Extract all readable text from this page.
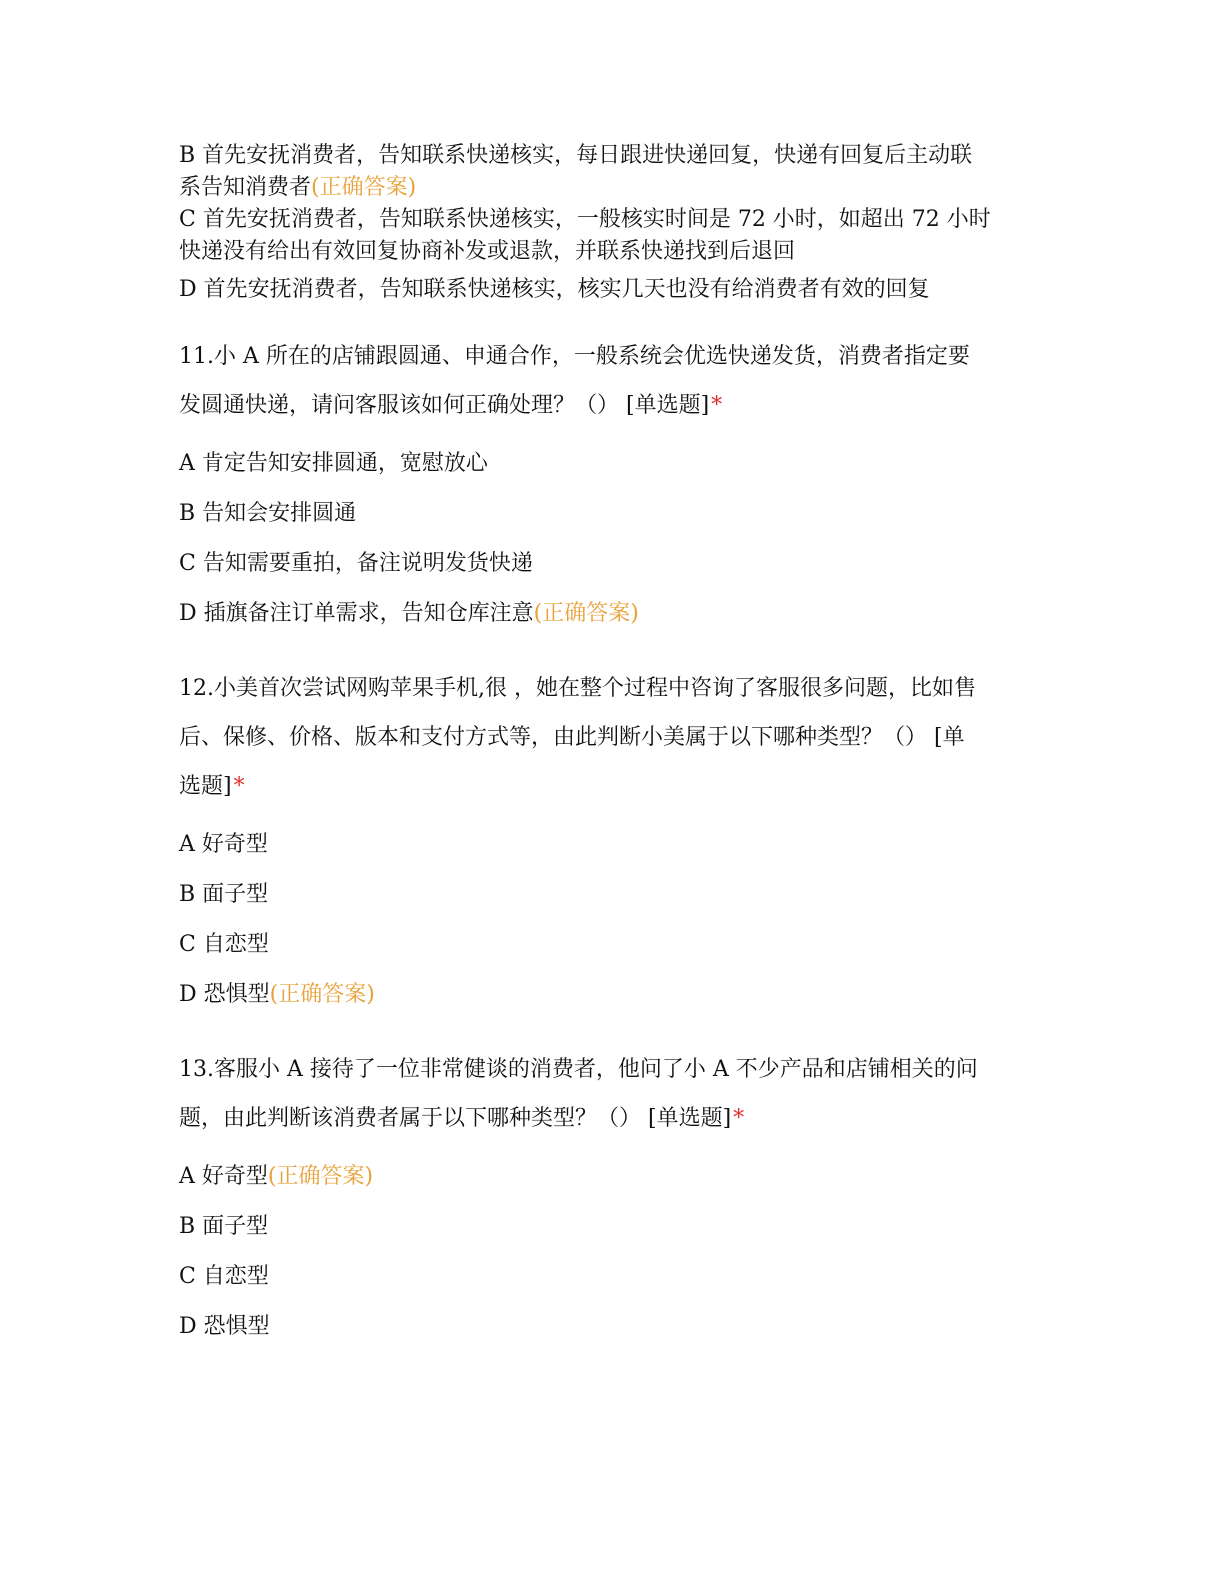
B 首先安抚消费者，告知联系快递核实，每日跟进快递回复，快递有回复后主动联
系告知消费者(正确答案)
C 首先安抚消费者，告知联系快递核实，一般核实时间是 72 小时，如超出 72 小时
快递没有给出有效回复协商补发或退款，并联系快递找到后退回
D 首先安抚消费者，告知联系快递核实，核实几天也没有给消费者有效的回复
11.小 A 所在的店铺跟圆通、申通合作，一般系统会优选快递发货，消费者指定要
发圆通快递，请问客服该如何正确处理？（） [单选题]*
A 肯定告知安排圆通，宽慰放心
B 告知会安排圆通
C 告知需要重拍，备注说明发货快递
D 插旗备注订单需求，告知仓库注意(正确答案)
12.小美首次尝试网购苹果手机,很 ，她在整个过程中咨询了客服很多问题，比如售
后、保修、价格、版本和支付方式等，由此判断小美属于以下哪种类型？（） [单
选题]*
A 好奇型
B 面子型
C 自恋型
D 恐惧型(正确答案)
13.客服小 A 接待了一位非常健谈的消费者，他问了小 A 不少产品和店铺相关的问
题，由此判断该消费者属于以下哪种类型？（） [单选题]*
A 好奇型(正确答案)
B 面子型
C 自恋型
D 恐惧型
